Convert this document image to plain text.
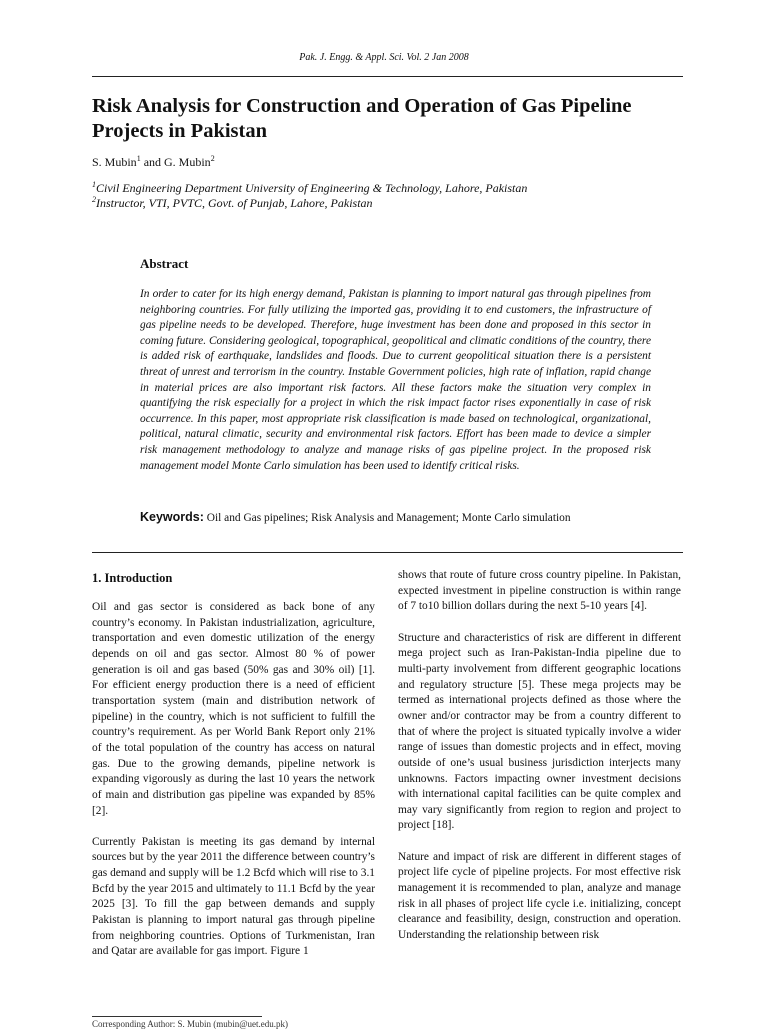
Pak. J. Engg. & Appl. Sci. Vol. 2 Jan 2008
Risk Analysis for Construction and Operation of Gas Pipeline Projects in Pakistan
S. Mubin$^1$ and G. Mubin$^2$
$^1$Civil Engineering Department University of Engineering & Technology, Lahore, Pakistan
$^2$Instructor, VTI, PVTC, Govt. of Punjab, Lahore, Pakistan
Abstract

In order to cater for its high energy demand, Pakistan is planning to import natural gas through pipelines from neighboring countries. For fully utilizing the imported gas, providing it to end customers, the infrastructure of gas pipeline needs to be developed. Therefore, huge investment has been done and proposed in this sector in coming future. Considering geological, topographical, geopolitical and climatic conditions of the country, there is added risk of earthquake, landslides and floods. Due to current geopolitical situation there is a persistent threat of unrest and terrorism in the country. Instable Government policies, high rate of inflation, rapid change in material prices are also important risk factors. All these factors make the situation very complex in quantifying the risk especially for a project in which the risk impact factor rises exponentially in case of risk occurrence. In this paper, most appropriate risk classification is made based on technological, organizational, political, natural climatic, security and environmental risk factors. Effort has been made to device a simpler risk management methodology to analyze and manage risks of gas pipeline project. In the proposed risk management model Monte Carlo simulation has been used to identify critical risks.

Keywords: Oil and Gas pipelines; Risk Analysis and Management; Monte Carlo simulation

1. Introduction

Oil and gas sector is considered as back bone of any country’s economy. In Pakistan industrialization, agriculture, transportation and even domestic utilization of the energy depends on oil and gas sector. Almost 80 % of power generation is oil and gas based (50% gas and 30% oil) [1]. For efficient energy production there is a need of efficient transportation system (main and distribution network of pipeline) in the country, which is not sufficient to fulfill the country’s requirement. As per World Bank Report only 21% of the total population of the country has access on natural gas. Due to the growing demands, pipeline network is expanding vigorously as during the last 10 years the network of main and distribution gas pipeline was expanded by 85% [2].

Currently Pakistan is meeting its gas demand by internal sources but by the year 2011 the difference between country’s gas demand and supply will be 1.2 Bcfd which will rise to 3.1 Bcfd by the year 2015 and ultimately to 11.1 Bcfd by the year 2025 [3]. To fill the gap between demands and supply Pakistan is planning to import natural gas through pipeline from neighboring countries. Options of Turkmenistan, Iran and Qatar are available for gas import. Figure 1

shows that route of future cross country pipeline. In Pakistan, expected investment in pipeline construction is within range of 7 to10 billion dollars during the next 5-10 years [4].

Structure and characteristics of risk are different in different mega project such as Iran-Pakistan-India pipeline due to multi-party involvement from different geographic locations and regulatory structure [5]. These mega projects may be termed as international projects defined as those where the owner and/or contractor may be from a country different to that of where the project is situated typically involve a wider range of issues than domestic projects and in effect, moving outside of one’s usual business jurisdiction interjects many unknowns. Factors impacting owner investment decisions with international capital facilities can be quite complex and may vary significantly from region to region and project to project [18].

Nature and impact of risk are different in different stages of project life cycle of pipeline projects. For most effective risk management it is recommended to plan, analyze and manage risk in all phases of project life cycle i.e. initializing, concept clearance and feasibility, design, construction and operation. Understanding the relationship between risk

Corresponding Author: S. Mubin (mubin@uet.edu.pk)
